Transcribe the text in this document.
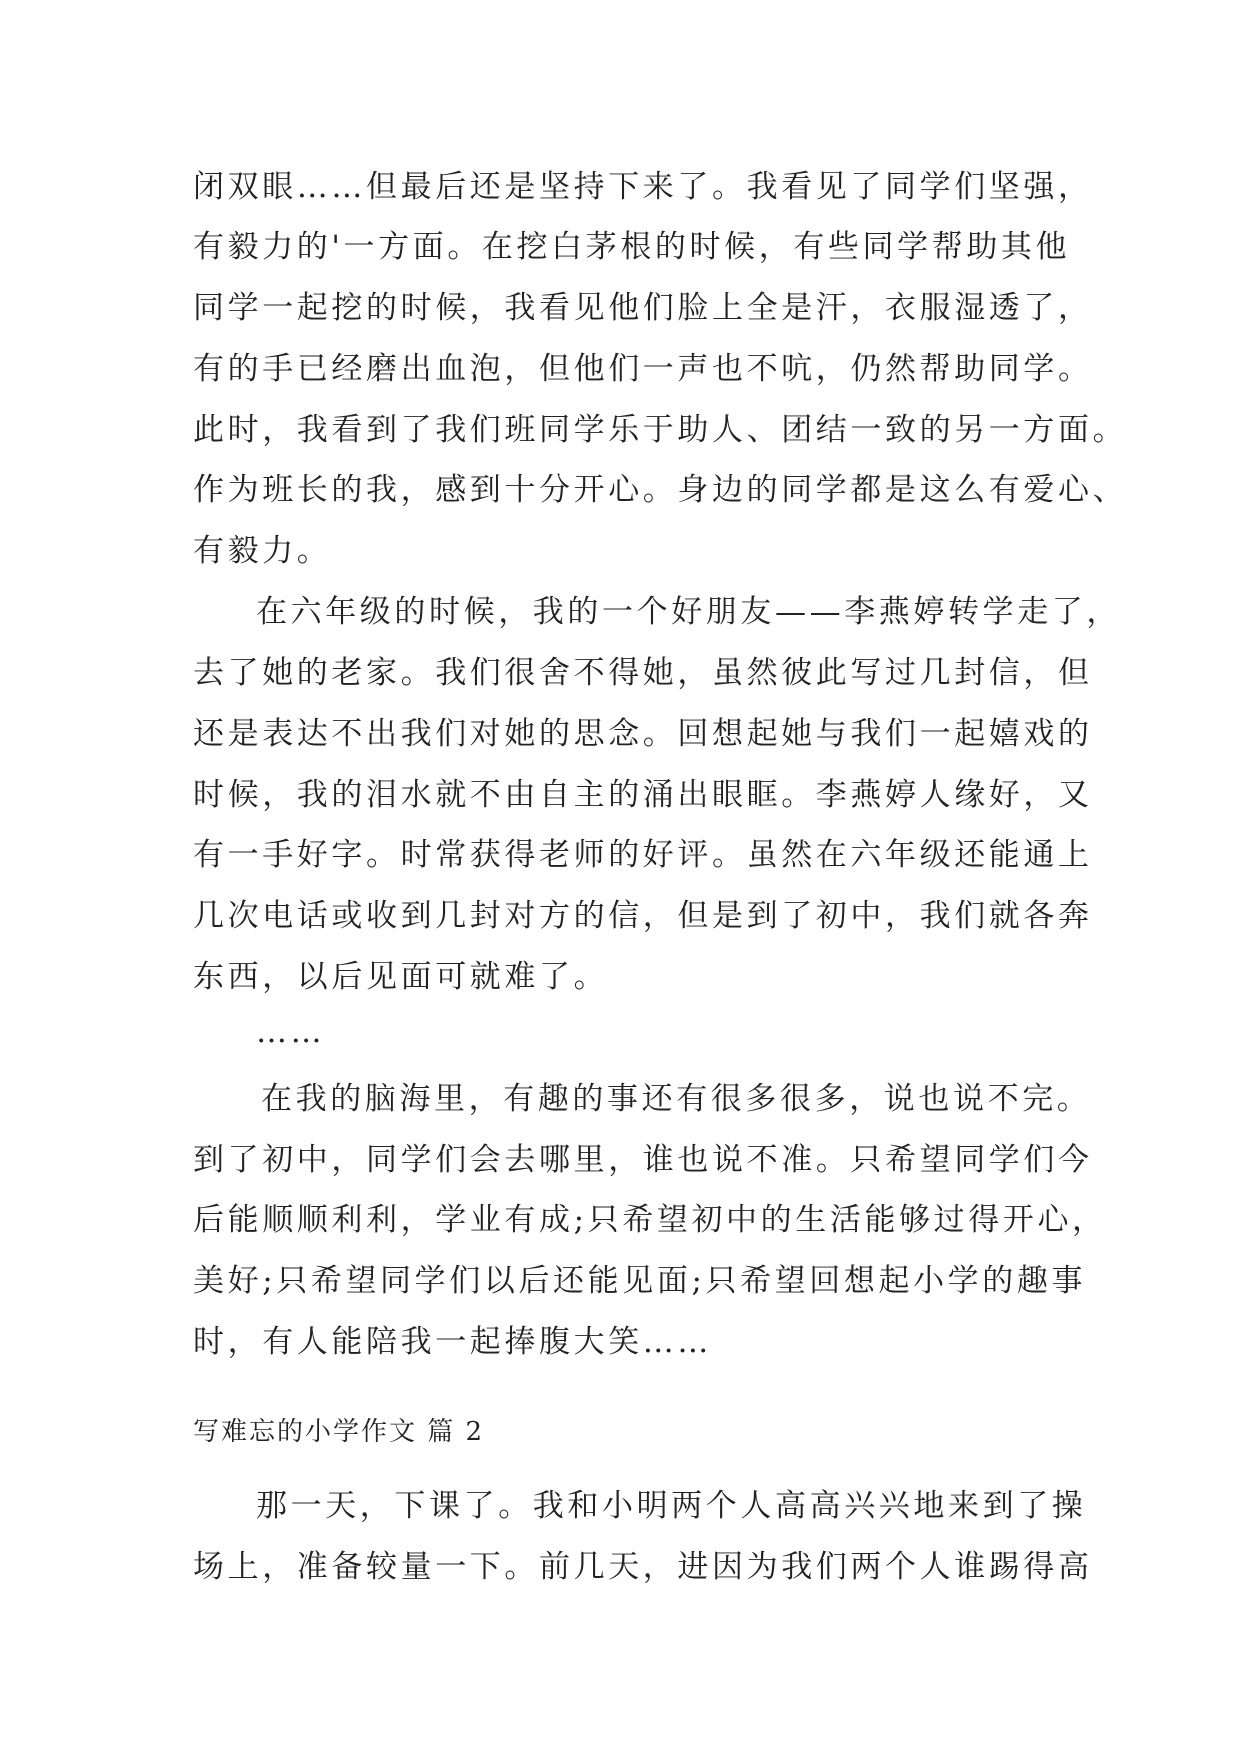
闭双眼……但最后还是坚持下来了。我看见了同学们坚强，
有毅力的'一方面。在挖白茅根的时候，有些同学帮助其他
同学一起挖的时候，我看见他们脸上全是汗，衣服湿透了，
有的手已经磨出血泡，但他们一声也不吭，仍然帮助同学。
此时，我看到了我们班同学乐于助人、团结一致的另一方面。
作为班长的我，感到十分开心。身边的同学都是这么有爱心、
有毅力。
在六年级的时候，我的一个好朋友——李燕婷转学走了，
去了她的老家。我们很舍不得她，虽然彼此写过几封信，但
还是表达不出我们对她的思念。回想起她与我们一起嬉戏的
时候，我的泪水就不由自主的涌出眼眶。李燕婷人缘好，又
有一手好字。时常获得老师的好评。虽然在六年级还能通上
几次电话或收到几封对方的信，但是到了初中，我们就各奔
东西，以后见面可就难了。
……
在我的脑海里，有趣的事还有很多很多，说也说不完。
到了初中，同学们会去哪里，谁也说不准。只希望同学们今
后能顺顺利利，学业有成;只希望初中的生活能够过得开心，
美好;只希望同学们以后还能见面;只希望回想起小学的趣事
时，有人能陪我一起捧腹大笑……
写难忘的小学作文 篇 2
那一天，下课了。我和小明两个人高高兴兴地来到了操
场上，准备较量一下。前几天，进因为我们两个人谁踢得高
